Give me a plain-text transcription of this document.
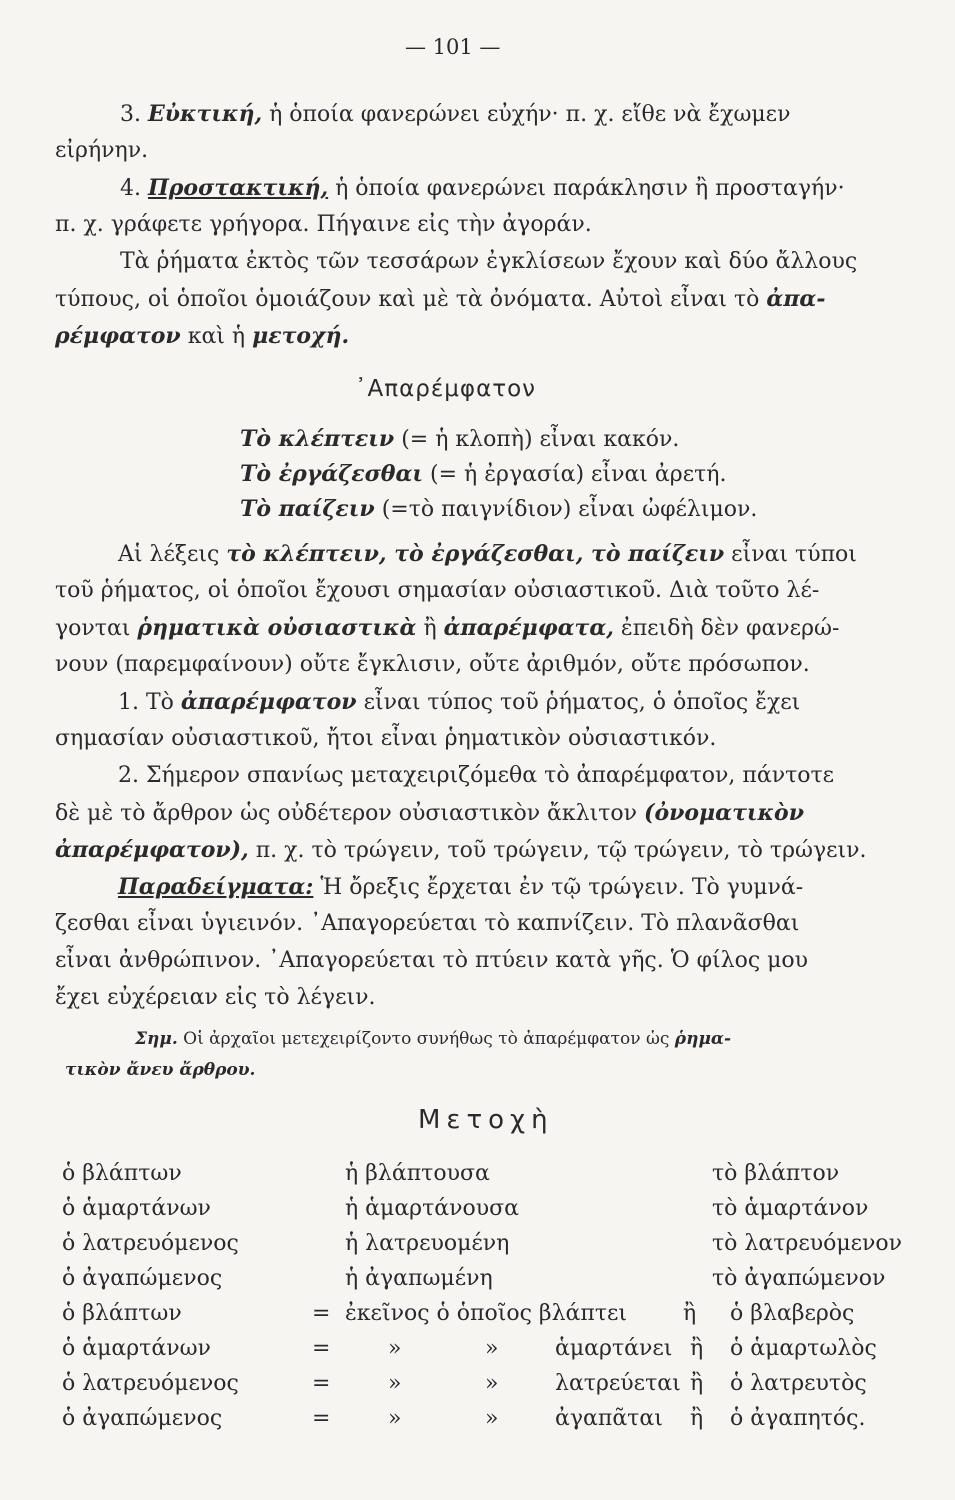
— 101 —
3. Εὐκτική, ἡ ὁποία φανερώνει εὐχήν· π. χ. εἴθε νὰ ἔχωμεν
εἰρήνην.
4. Προστακτική, ἡ ὁποία φανερώνει παράκλησιν ἢ προσταγήν·
π. χ. γράφετε γρήγορα. Πήγαινε εἰς τὴν ἀγοράν.
Τὰ ῥήματα ἐκτὸς τῶν τεσσάρων ἐγκλίσεων ἔχουν καὶ δύο ἄλλους
τύπους, οἱ ὁποῖοι ὁμοιάζουν καὶ μὲ τὰ ὀνόματα. Αὐτοὶ εἶναι τὸ ἀπα-
ρέμφατον καὶ ἡ μετοχή.
᾿Απαρέμφατον
Τὸ κλέπτειν (= ἡ κλοπὴ) εἶναι κακόν.
Τὸ ἐργάζεσθαι (= ἡ ἐργασία) εἶναι ἀρετή.
Τὸ παίζειν (=τὸ παιγνίδιον) εἶναι ὠφέλιμον.
Αἱ λέξεις τὸ κλέπτειν, τὸ ἐργάζεσθαι, τὸ παίζειν εἶναι τύποι
τοῦ ῥήματος, οἱ ὁποῖοι ἔχουσι σημασίαν οὐσιαστικοῦ. Διὰ τοῦτο λέ-
γονται ῥηματικὰ οὐσιαστικὰ ἢ ἀπαρέμφατα, ἐπειδὴ δὲν φανερώ-
νουν (παρεμφαίνουν) οὔτε ἔγκλισιν, οὔτε ἀριθμόν, οὔτε πρόσωπον.
1. Τὸ ἀπαρέμφατον εἶναι τύπος τοῦ ῥήματος, ὁ ὁποῖος ἔχει
σημασίαν οὐσιαστικοῦ, ἤτοι εἶναι ῥηματικὸν οὐσιαστικόν.
2. Σήμερον σπανίως μεταχειριζόμεθα τὸ ἀπαρέμφατον, πάντοτε
δὲ μὲ τὸ ἄρθρον ὡς οὐδέτερον οὐσιαστικὸν ἄκλιτον (ὀνοματικὸν
ἀπαρέμφατον), π. χ. τὸ τρώγειν, τοῦ τρώγειν, τῷ τρώγειν, τὸ τρώγειν.
Παραδείγματα: Ἡ ὄρεξις ἔρχεται ἐν τῷ τρώγειν. Τὸ γυμνά-
ζεσθαι εἶναι ὑγιεινόν. ᾿Απαγορεύεται τὸ καπνίζειν. Τὸ πλανᾶσθαι
εἶναι ἀνθρώπινον. ᾿Απαγορεύεται τὸ πτύειν κατὰ γῆς. Ὁ φίλος μου
ἔχει εὐχέρειαν εἰς τὸ λέγειν.
Σημ. Οἱ ἀρχαῖοι μετεχειρίζοντο συνήθως τὸ ἀπαρέμφατον ὡς ῥημα-
τικὸν ἄνευ ἄρθρου.
Μετοχὴ
ὁ βλάπτων	ἡ βλάπτουσα	τὸ βλάπτον
ὁ ἁμαρτάνων	ἡ ἁμαρτάνουσα	τὸ ἁμαρτάνον
ὁ λατρευόμενος	ἡ λατρευομένη	τὸ λατρευόμενον
ὁ ἀγαπώμενος	ἡ ἀγαπωμένη	τὸ ἀγαπώμενον
ὁ βλάπτων	= ἐκεῖνος ὁ ὁποῖος βλάπτει	ἢ ὁ βλαβερὸς
ὁ ἁμαρτάνων	=	»	»	ἁμαρτάνει ἢ ὁ ἁμαρτωλὸς
ὁ λατρευόμενος	=	»	»	λατρεύεται ἢ ὁ λατρευτὸς
ὁ ἀγαπώμενος	=	»	»	ἀγαπᾶται ἢ ὁ ἀγαπητός.
